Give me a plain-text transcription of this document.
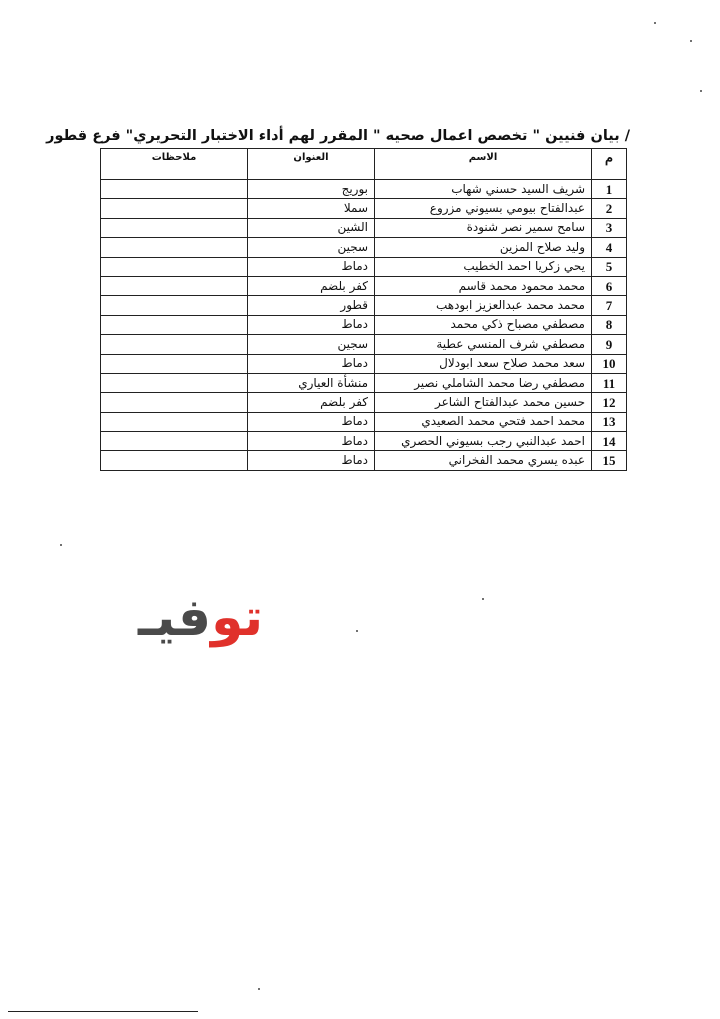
/ بيان فنيين " تخصص اعمال صحيه " المقرر لهم أداء الاختبار التحريري" فرع قطور
م	الاسم	العنوان	ملاحظات
1	شريف السيد حسني شهاب	بوريج	
2	عبدالفتاح بيومي بسيوني مزروع	سملا	
3	سامح سمير نصر شنودة	الشين	
4	وليد صلاح المزين	سجين	
5	يحي زكريا احمد الخطيب	دماط	
6	محمد محمود محمد قاسم	كفر بلضم	
7	محمد محمد عبدالعزيز ابودهب	قطور	
8	مصطفي مصباح ذكي محمد	دماط	
9	مصطفي شرف المنسي عطية	سجين	
10	سعد محمد صلاح سعد ابودلال	دماط	
11	مصطفي رضا محمد الشاملي نصير	منشأة العياري	
12	حسين محمد عبدالفتاح الشاعر	كفر بلضم	
13	محمد احمد فتحي محمد الصعيدي	دماط	
14	احمد عبدالنبي رجب بسيوني الحصري	دماط	
15	عبده يسري محمد الفخراني	دماط	
توفيـ
